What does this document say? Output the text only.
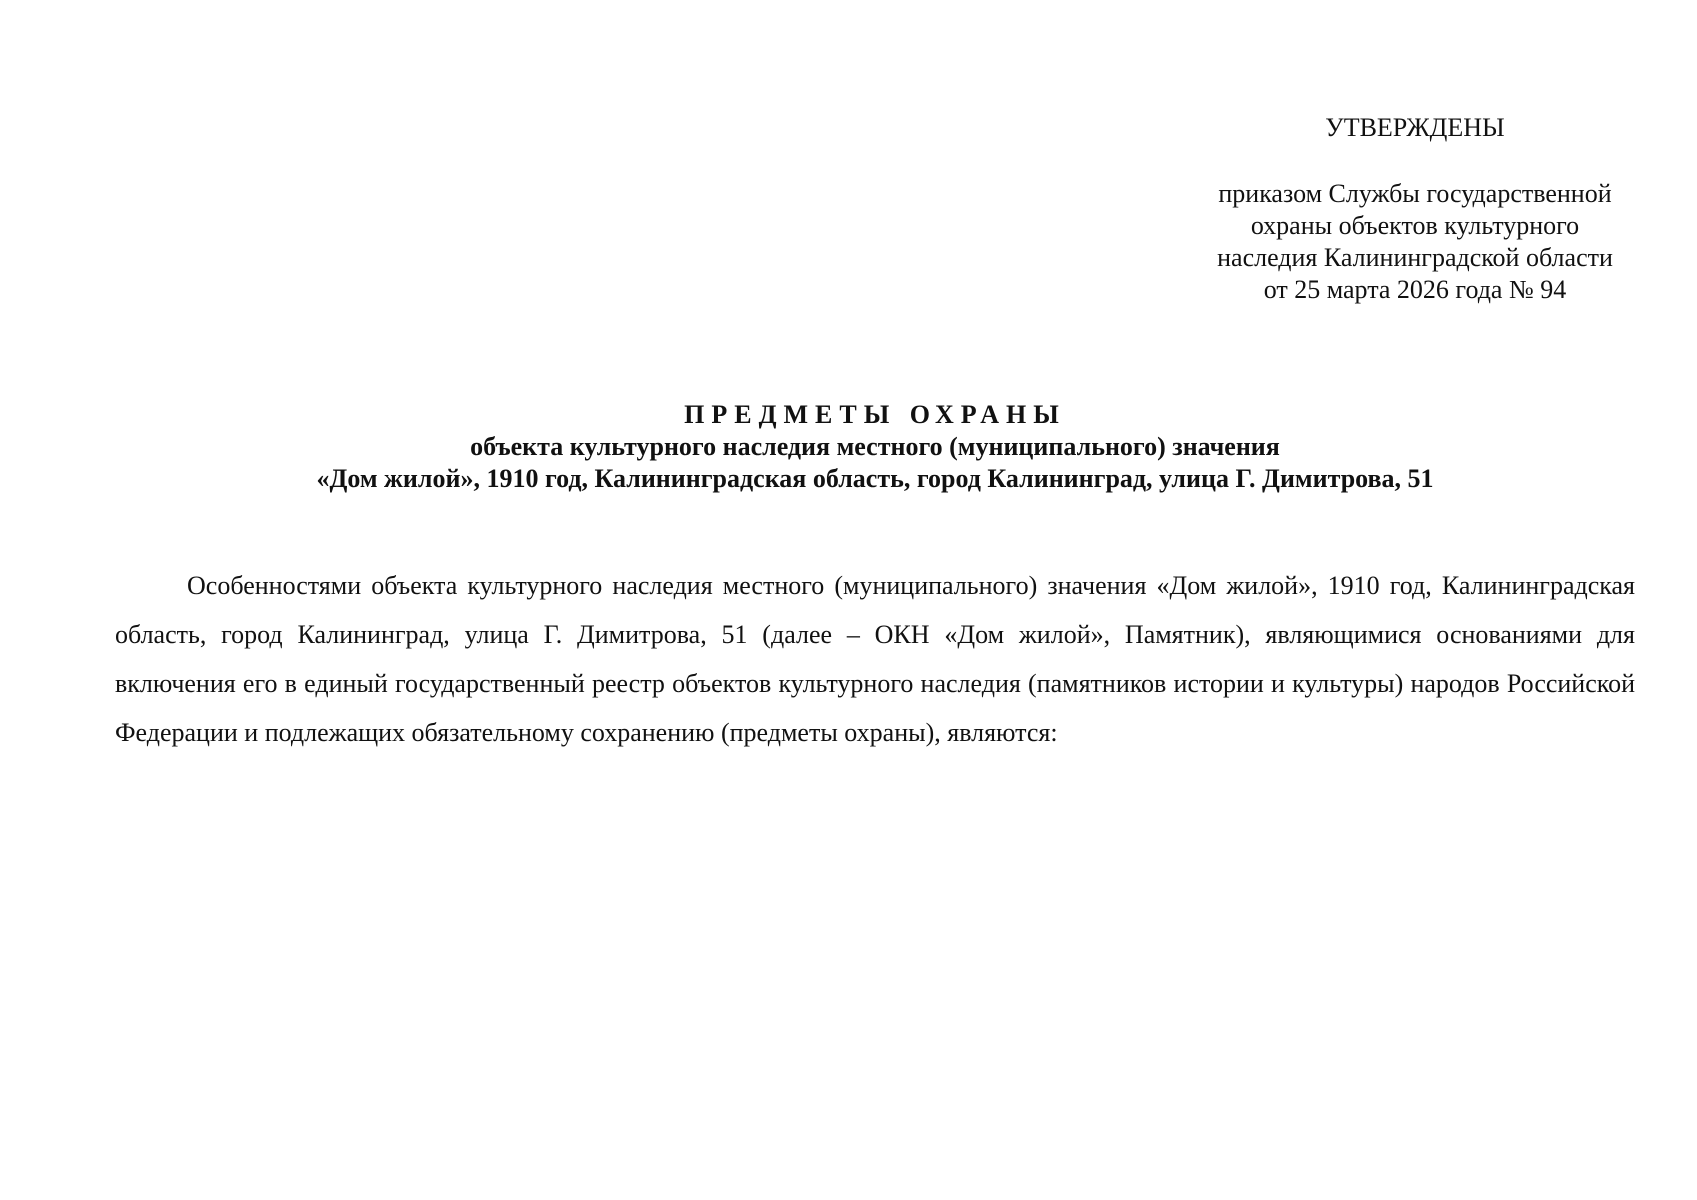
УТВЕРЖДЕНЫ
приказом Службы государственной
охраны объектов культурного
наследия Калининградской области
от 25 марта 2026 года № 94
ПРЕДМЕТЫ ОХРАНЫ
объекта культурного наследия местного (муниципального) значения
«Дом жилой», 1910 год, Калининградская область, город Калининград, улица Г. Димитрова, 51

Особенностями объекта культурного наследия местного (муниципального) значения «Дом жилой», 1910 год, Калининградская область, город Калининград, улица Г. Димитрова, 51 (далее – ОКН «Дом жилой», Памятник), являющимися основаниями для включения его в единый государственный реестр объектов культурного наследия (памятников истории и культуры) народов Российской Федерации и подлежащих обязательному сохранению (предметы охраны), являются:
